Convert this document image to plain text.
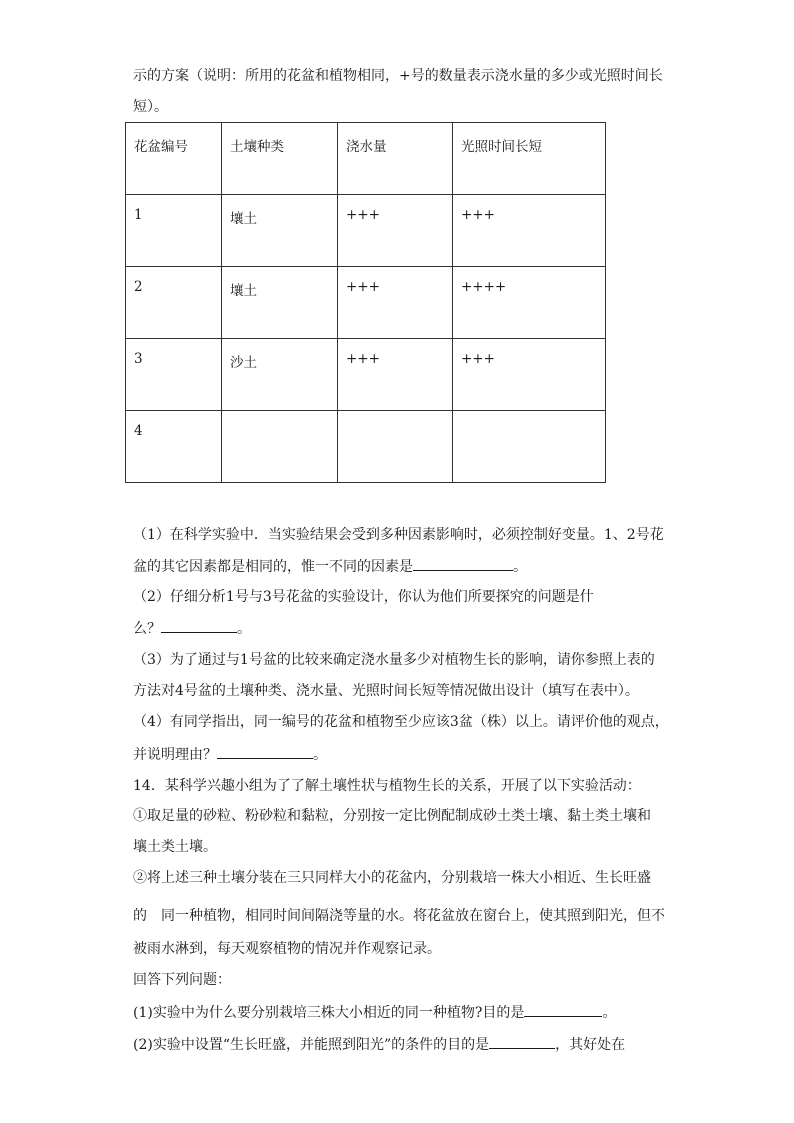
示的方案（说明：所用的花盆和植物相同，+号的数量表示浇水量的多少或光照时间长
短）。
花盆编号	土壤种类	浇水量	光照时间长短
1	壤土	+++	+++
2	壤土	+++	++++
3	沙土	+++	+++
4			
（1）在科学实验中．当实验结果会受到多种因素影响时，必须控制好变量。1、2号花
盆的其它因素都是相同的，惟一不同的因素是	。
（2）仔细分析1号与3号花盆的实验设计，你认为他们所要探究的问题是什
么？	。
（3）为了通过与1号盆的比较来确定浇水量多少对植物生长的影响，请你参照上表的
方法对4号盆的土壤种类、浇水量、光照时间长短等情况做出设计（填写在表中）。
（4）有同学指出，同一编号的花盆和植物至少应该3盆（株）以上。请评价他的观点，
并说明理由？	。
14．某科学兴趣小组为了了解土壤性状与植物生长的关系，开展了以下实验活动：
①取足量的砂粒、粉砂粒和黏粒，分别按一定比例配制成砂土类土壤、黏土类土壤和
壤土类土壤。
②将上述三种土壤分装在三只同样大小的花盆内，分别栽培一株大小相近、生长旺盛
的　同一种植物，相同时间间隔浇等量的水。将花盆放在窗台上，使其照到阳光，但不
被雨水淋到，每天观察植物的情况并作观察记录。
回答下列问题：
(1)实验中为什么要分别栽培三株大小相近的同一种植物?目的是	。
(2)实验中设置“生长旺盛，并能照到阳光”的条件的目的是	，其好处在
